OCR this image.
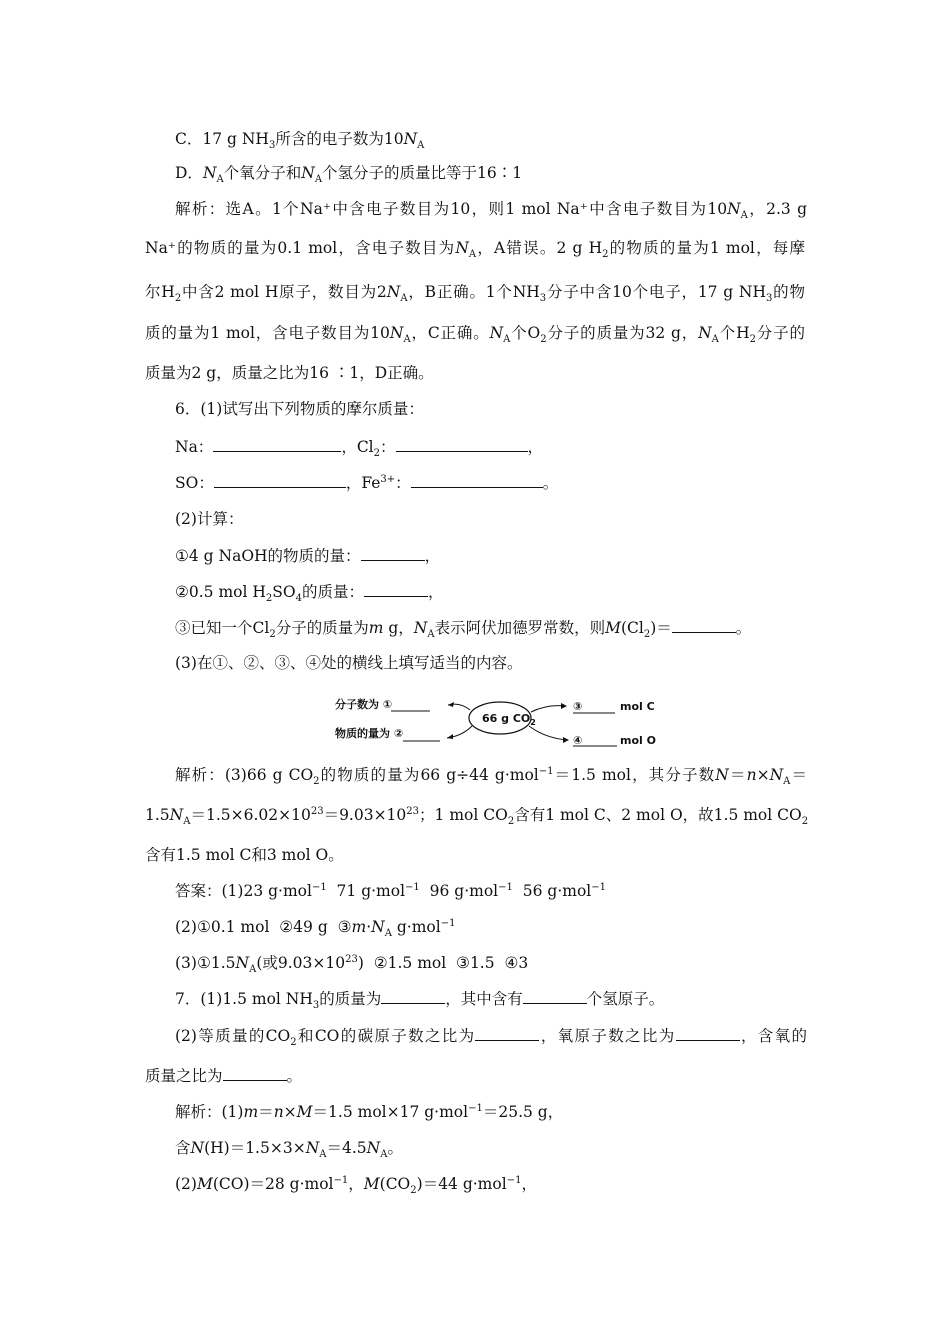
C．17 g $NH_3$所含的电子数为$10N_A$
D．$N_A$个氧分子和$N_A$个氢分子的质量比等于16∶1
解析：选A。1个Na⁺中含电子数目为10，则1 mol Na⁺中含电子数目为$10N_A$，2.3 g
Na⁺的物质的量为0.1 mol，含电子数目为$N_A$，A错误。2 g $H_2$的物质的量为1 mol，每摩
尔$H_2$中含2 mol H原子，数目为$2N_A$，B正确。1个$NH_3$分子中含10个电子，17 g $NH_3$的物
质的量为1 mol，含电子数目为$10N_A$，C正确。$N_A$个$O_2$分子的质量为32 g，$N_A$个$H_2$分子的
质量为2 g，质量之比为16 ∶1，D正确。
6．(1)试写出下列物质的摩尔质量：
Na：	，$Cl_2$：	，
SO：	，$Fe^{3+}$：	。
(2)计算：
①4 g NaOH的物质的量：	，
②0.5 mol $H_2SO_4$的质量：	，
③已知一个$Cl_2$分子的质量为m g，$N_A$表示阿伏加德罗常数，则$M(Cl_2)=$	。
(3)在①、②、③、④处的横线上填写适当的内容。
分子数为 ①
物质的量为 ②
66 g $CO_2$
③	mol C
④	mol O
解析：(3)66 g $CO_2$的物质的量为66 g÷44 g·mol$^{-1}$＝1.5 mol，其分子数$N=n\times N_A=$
$1.5N_A=1.5\times 6.02\times 10^{23}=9.03\times 10^{23}$；1 mol $CO_2$含有1 mol C、2 mol O，故1.5 mol $CO_2$
含有1.5 mol C和3 mol O。
答案：(1)23 g·mol$^{-1}$  71 g·mol$^{-1}$  96 g·mol$^{-1}$  56 g·mol$^{-1}$
(2)①0.1 mol  ②49 g  $③m\cdot N_A$ g·mol$^{-1}$
$(3)①1.5N_A$(或$9.03\times 10^{23}$)  ②1.5 mol  ③1.5  ④3
7．(1)1.5 mol $NH_3$的质量为	，其中含有	个氢原子。
(2)等质量的$CO_2$和CO的碳原子数之比为	，氧原子数之比为	，含氧的
质量之比为	。
解析：(1)m＝n×M＝1.5 mol×17 g·mol$^{-1}$＝25.5 g，
含$N(H)=1.5\times 3\times N_A=4.5N_A$。
(2)M(CO)＝28 g·mol$^{-1}$，$M(CO_2)=44$ g·mol$^{-1}$，
